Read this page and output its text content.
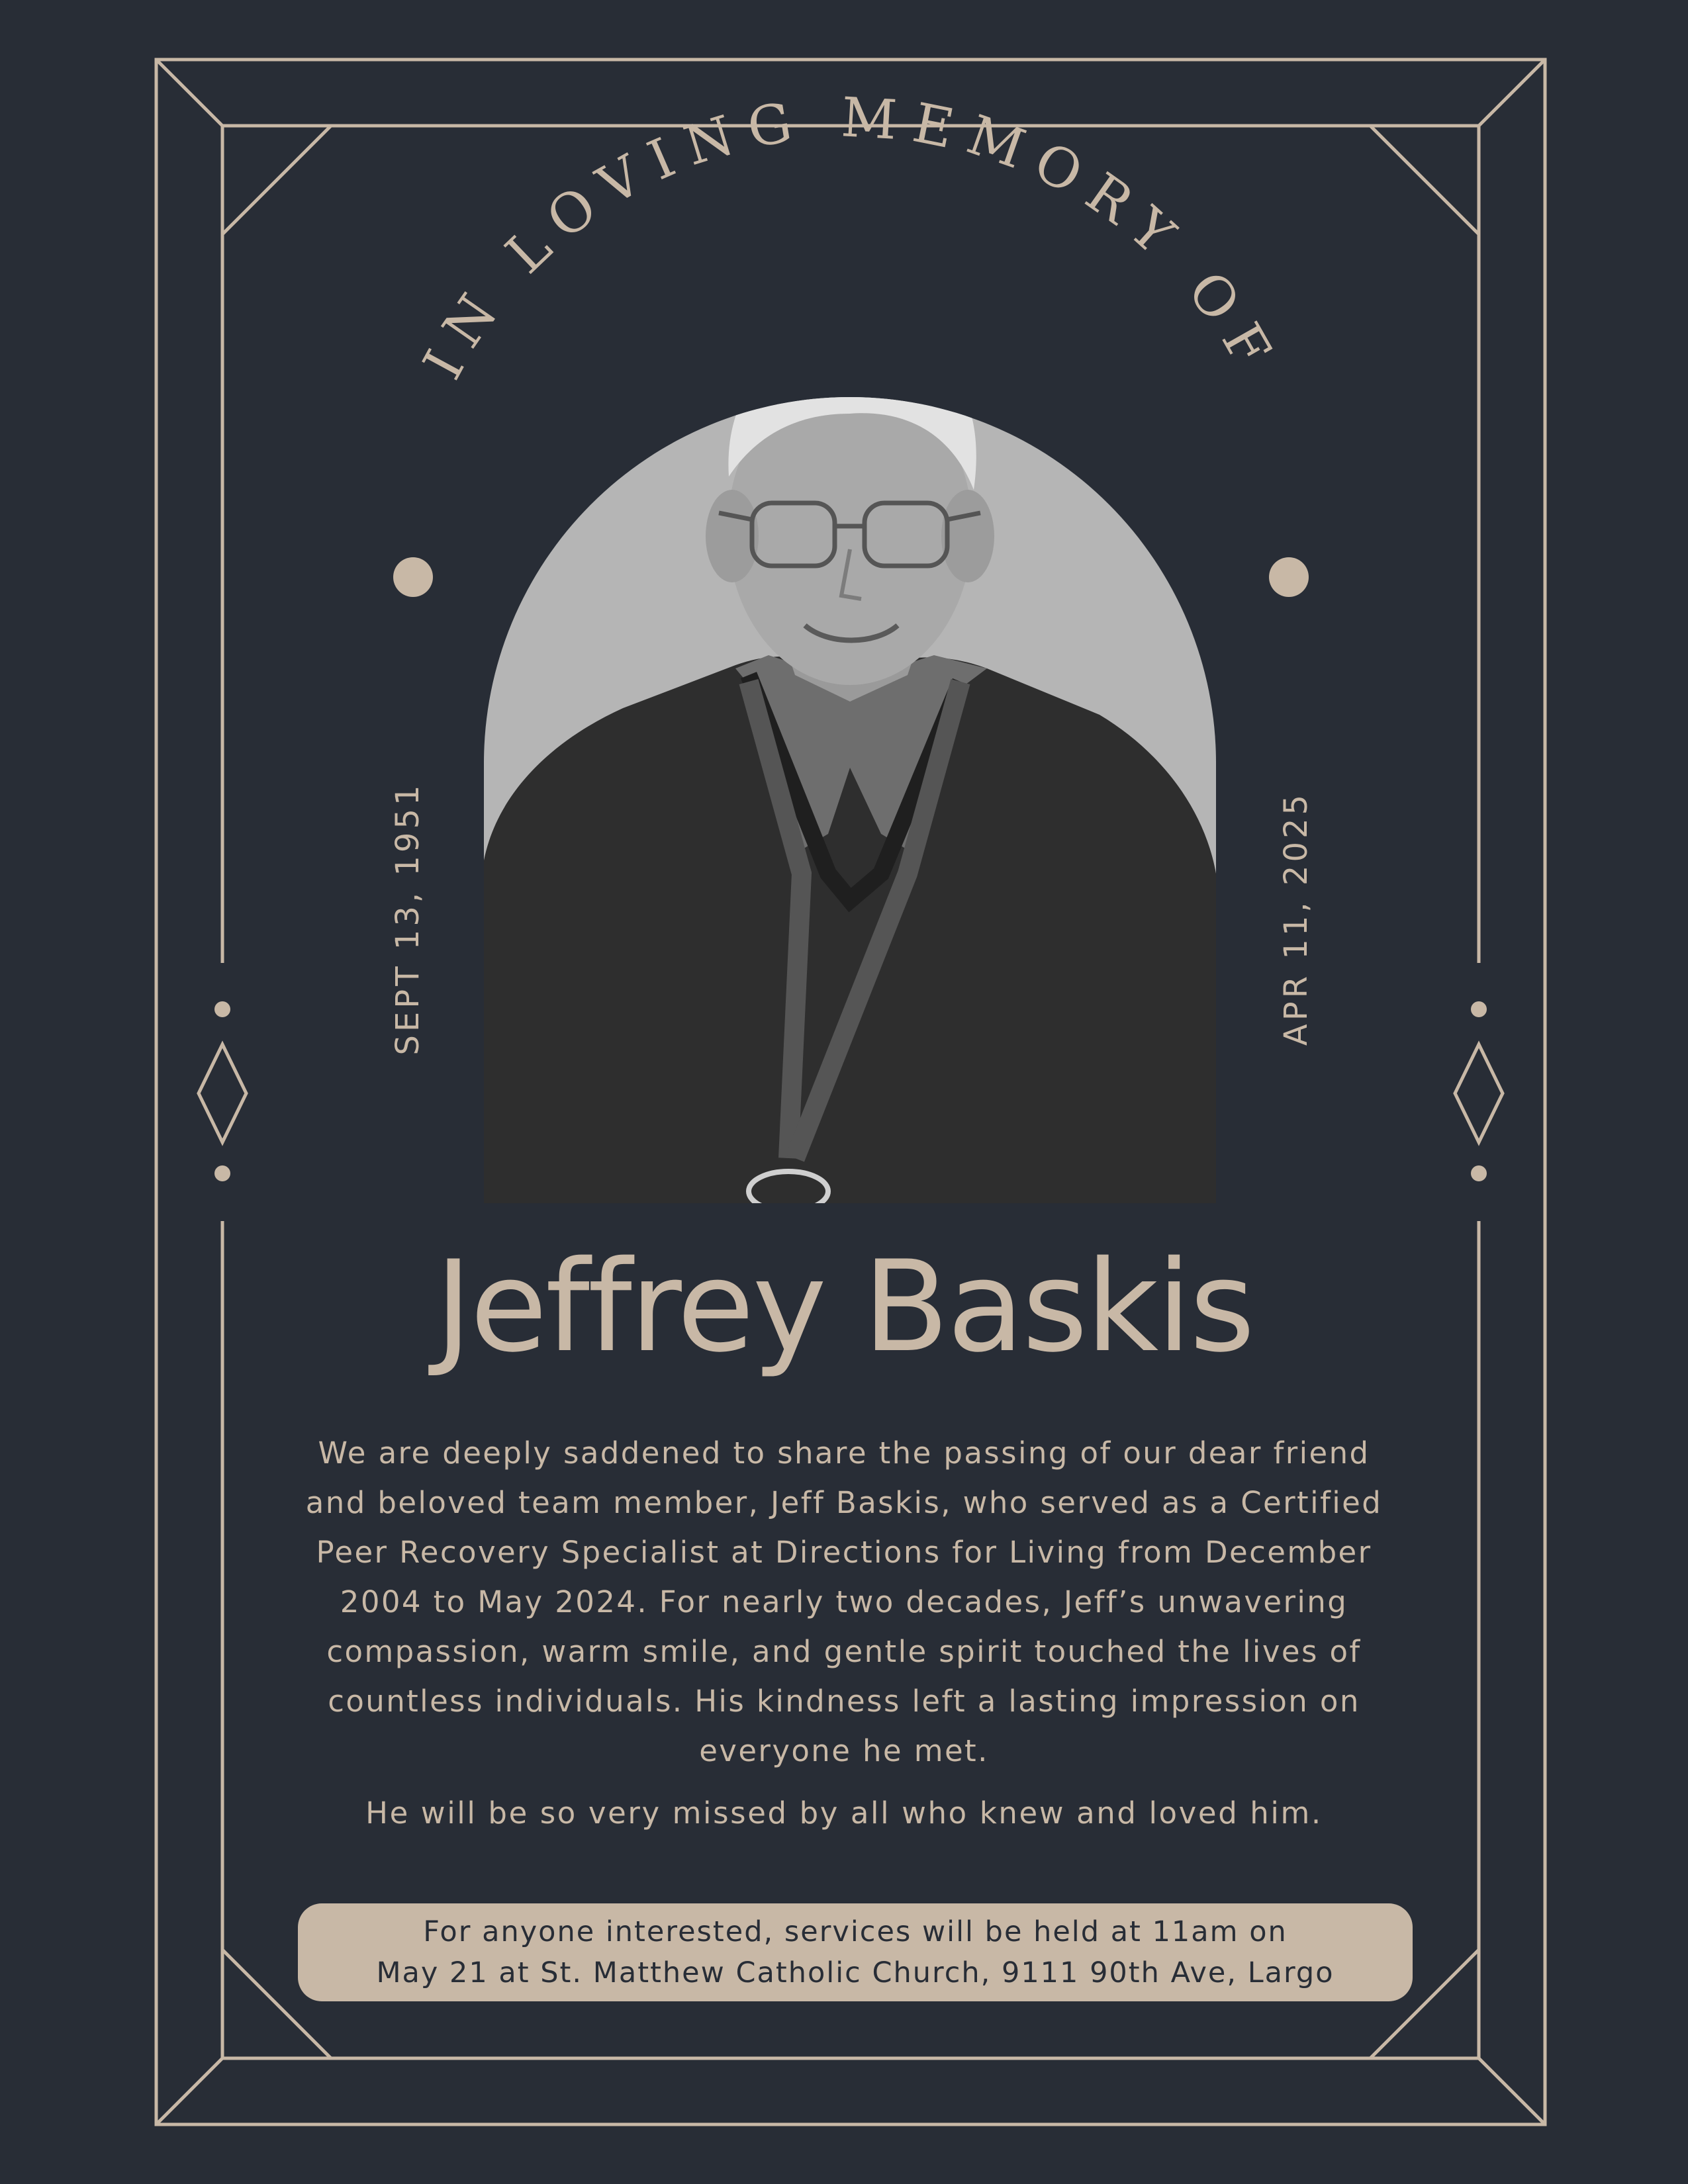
IN LOVING MEMORY OF
SEPT 13, 1951	APR 11, 2025
Jeffrey Baskis

We are deeply saddened to share the passing of our dear friend and beloved team member, Jeff Baskis, who served as a Certified Peer Recovery Specialist at Directions for Living from December 2004 to May 2024. For nearly two decades, Jeff’s unwavering compassion, warm smile, and gentle spirit touched the lives of countless individuals. His kindness left a lasting impression on everyone he met.

He will be so very missed by all who knew and loved him.

For anyone interested, services will be held at 11am on
May 21 at St. Matthew Catholic Church, 9111 90th Ave, Largo
